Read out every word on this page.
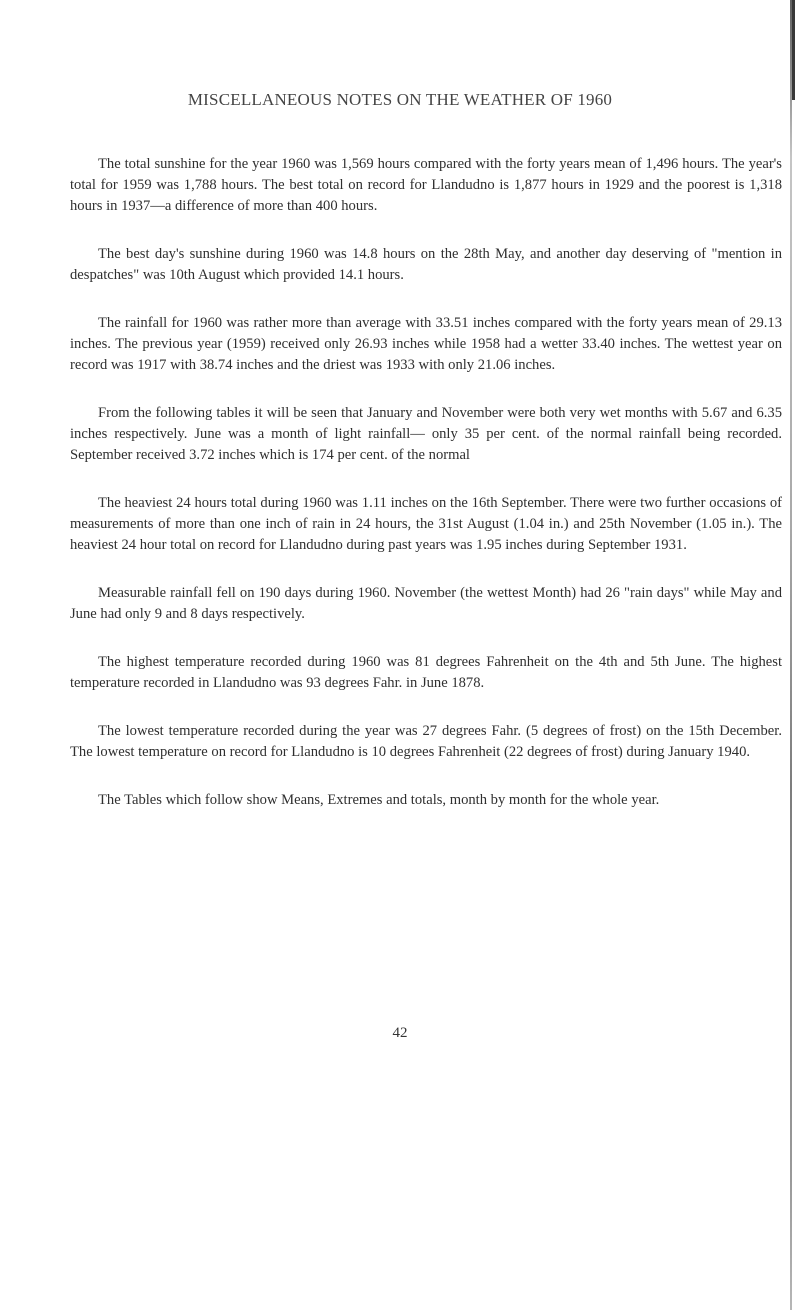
MISCELLANEOUS NOTES ON THE WEATHER OF 1960

The total sunshine for the year 1960 was 1,569 hours compared with the forty years mean of 1,496 hours. The year's total for 1959 was 1,788 hours. The best total on record for Llandudno is 1,877 hours in 1929 and the poorest is 1,318 hours in 1937—a difference of more than 400 hours.

The best day's sunshine during 1960 was 14.8 hours on the 28th May, and another day deserving of "mention in despatches" was 10th August which provided 14.1 hours.

The rainfall for 1960 was rather more than average with 33.51 inches compared with the forty years mean of 29.13 inches. The previous year (1959) received only 26.93 inches while 1958 had a wetter 33.40 inches. The wettest year on record was 1917 with 38.74 inches and the driest was 1933 with only 21.06 inches.

From the following tables it will be seen that January and November were both very wet months with 5.67 and 6.35 inches respectively. June was a month of light rainfall— only 35 per cent. of the normal rainfall being recorded. September received 3.72 inches which is 174 per cent. of the normal

The heaviest 24 hours total during 1960 was 1.11 inches on the 16th September. There were two further occasions of measurements of more than one inch of rain in 24 hours, the 31st August (1.04 in.) and 25th November (1.05 in.). The heaviest 24 hour total on record for Llandudno during past years was 1.95 inches during September 1931.

Measurable rainfall fell on 190 days during 1960. November (the wettest Month) had 26 "rain days" while May and June had only 9 and 8 days respectively.

The highest temperature recorded during 1960 was 81 degrees Fahrenheit on the 4th and 5th June. The highest temperature recorded in Llandudno was 93 degrees Fahr. in June 1878.

The lowest temperature recorded during the year was 27 degrees Fahr. (5 degrees of frost) on the 15th December. The lowest temperature on record for Llandudno is 10 degrees Fahrenheit (22 degrees of frost) during January 1940.

The Tables which follow show Means, Extremes and totals, month by month for the whole year.

42
